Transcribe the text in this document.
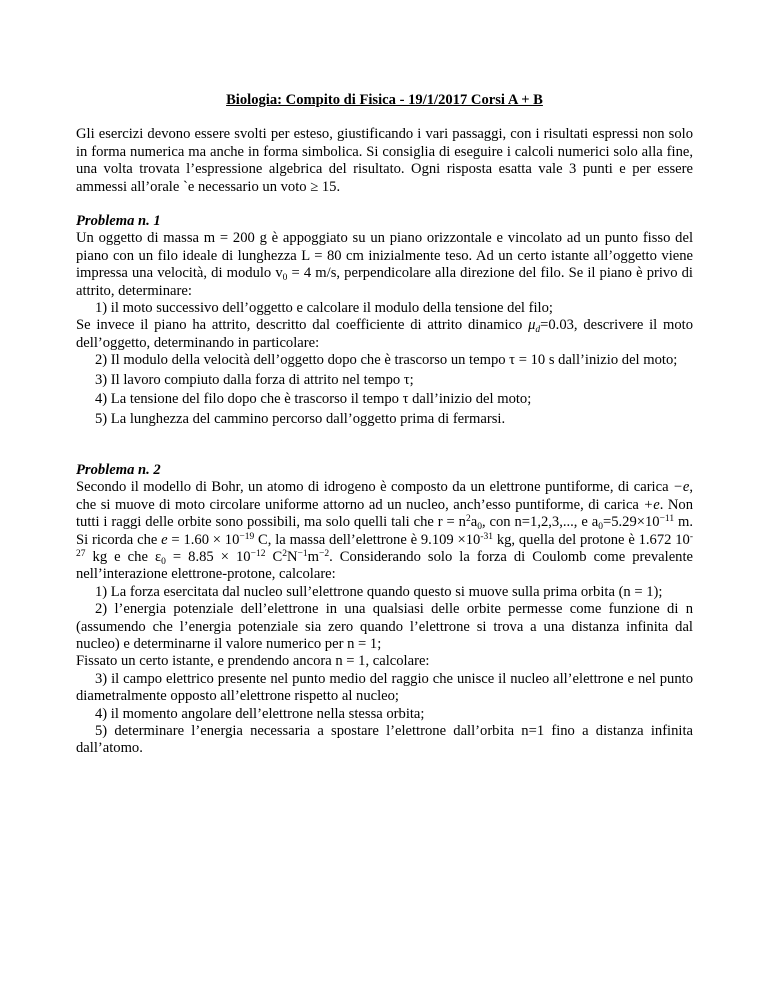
Biologia: Compito di Fisica - 19/1/2017 Corsi A + B

Gli esercizi devono essere svolti per esteso, giustificando i vari passaggi, con i risultati espressi non solo in forma numerica ma anche in forma simbolica. Si consiglia di eseguire i calcoli numerici solo alla fine, una volta trovata l’espressione algebrica del risultato. Ogni risposta esatta vale 3 punti e per essere ammessi all’orale `e necessario un voto ≥ 15.

Problema n. 1

Un oggetto di massa m = 200 g è appoggiato su un piano orizzontale e vincolato ad un punto fisso del piano con un filo ideale di lunghezza L = 80 cm inizialmente teso. Ad un certo istante all’oggetto viene impressa una velocità, di modulo $v_0 = 4$ m/s, perpendicolare alla direzione del filo. Se il piano è privo di attrito, determinare:

1) il moto successivo dell’oggetto e calcolare il modulo della tensione del filo;

Se invece il piano ha attrito, descritto dal coefficiente di attrito dinamico $\mu_d=0.03$, descrivere il moto dell’oggetto, determinando in particolare:

2) Il modulo della velocità dell’oggetto dopo che è trascorso un tempo τ = 10 s dall’inizio del moto;

3) Il lavoro compiuto dalla forza di attrito nel tempo τ;

4) La tensione del filo dopo che è trascorso il tempo τ dall’inizio del moto;

5) La lunghezza del cammino percorso dall’oggetto prima di fermarsi.

Problema n. 2

Secondo il modello di Bohr, un atomo di idrogeno è composto da un elettrone puntiforme, di carica −e, che si muove di moto circolare uniforme attorno ad un nucleo, anch’esso puntiforme, di carica +e. Non tutti i raggi delle orbite sono possibili, ma solo quelli tali che $r = n^2a_0$, con n=1,2,3,..., e $a_0=5.29\times 10^{-11}$ m. Si ricorda che $e = 1.60 \times 10^{-19}$ C, la massa dell’elettrone è $9.109 \times 10^{-31}$ kg, quella del protone è 1.672 $10^{-27}$ kg e che $\varepsilon_0 = 8.85 \times 10^{-12}$ $C^2N^{-1}m^{-2}$. Considerando solo la forza di Coulomb come prevalente nell’interazione elettrone-protone, calcolare:

1) La forza esercitata dal nucleo sull’elettrone quando questo si muove sulla prima orbita (n = 1);

2) l’energia potenziale dell’elettrone in una qualsiasi delle orbite permesse come funzione di n (assumendo che l’energia potenziale sia zero quando l’elettrone si trova a una distanza infinita dal nucleo) e determinarne il valore numerico per n = 1;

Fissato un certo istante, e prendendo ancora n = 1, calcolare:

3) il campo elettrico presente nel punto medio del raggio che unisce il nucleo all’elettrone e nel punto diametralmente opposto all’elettrone rispetto al nucleo;

4) il momento angolare dell’elettrone nella stessa orbita;

5) determinare l’energia necessaria a spostare l’elettrone dall’orbita n=1 fino a distanza infinita dall’atomo.
